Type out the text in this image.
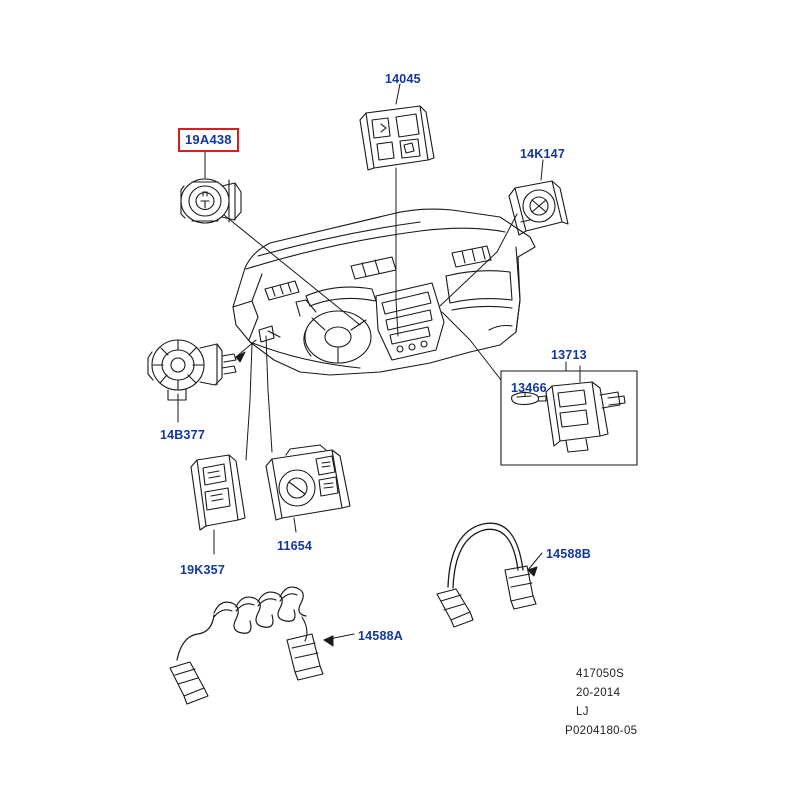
14045
14K147
19A438
13713
13466
14B377
11654
19K357
14588B
14588A
417050S
20-2014
LJ
P0204180-05
